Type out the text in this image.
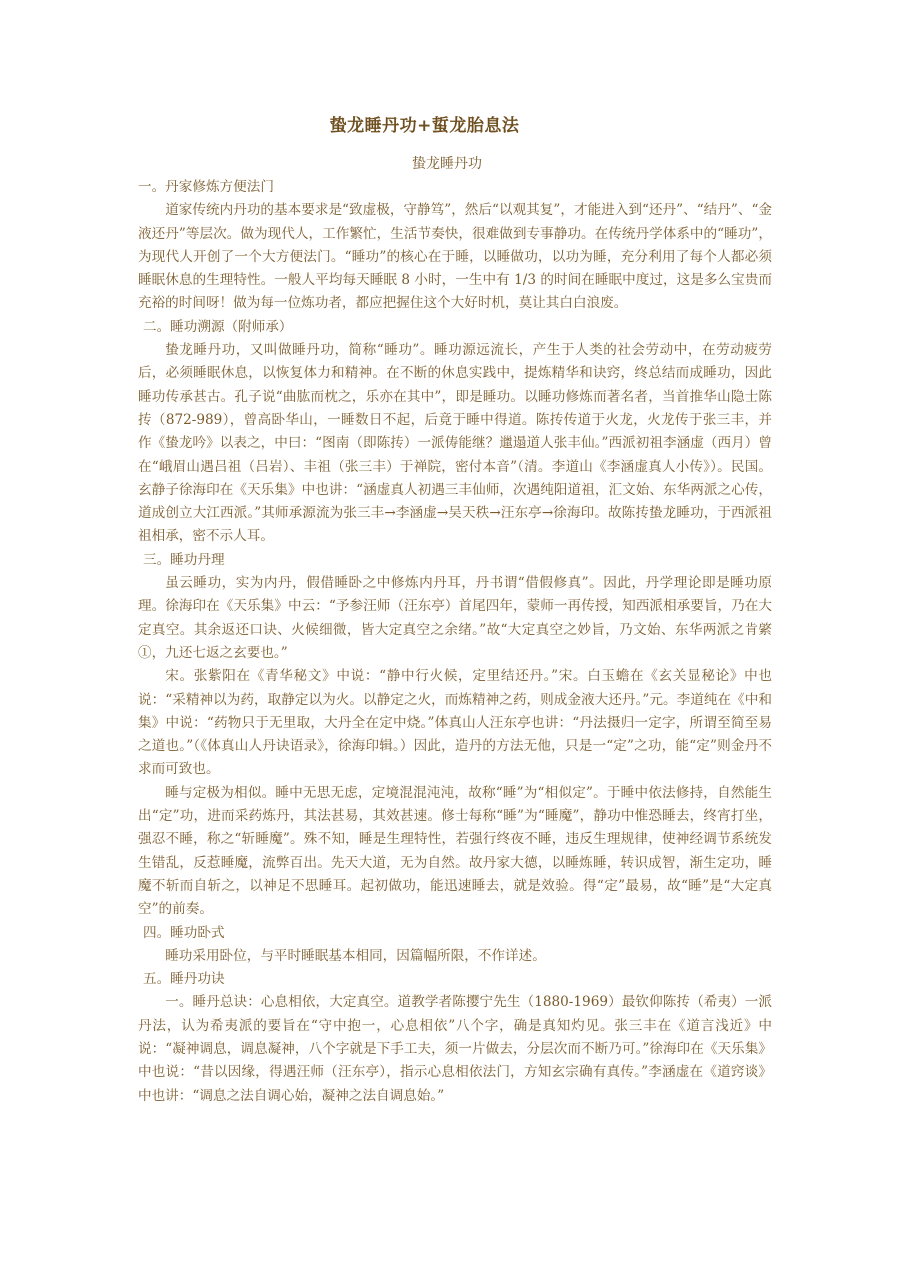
蛰龙睡丹功+蜇龙胎息法
蛰龙睡丹功
一。丹家修炼方便法门
道家传统内丹功的基本要求是“致虚极，守静笃”，然后“以观其复”，才能进入到“还丹”、“结丹”、“金液还丹”等层次。做为现代人，工作繁忙，生活节奏快，很难做到专事静功。在传统丹学体系中的“睡功”，为现代人开创了一个大方便法门。“睡功”的核心在于睡，以睡做功，以功为睡，充分利用了每个人都必须睡眠休息的生理特性。一般人平均每天睡眠 8 小时，一生中有 1/3 的时间在睡眠中度过，这是多么宝贵而充裕的时间呀！做为每一位炼功者，都应把握住这个大好时机，莫让其白白浪废。
二。睡功溯源（附师承）
蛰龙睡丹功，又叫做睡丹功，简称“睡功”。睡功源远流长，产生于人类的社会劳动中，在劳动疲劳后，必须睡眠休息，以恢复体力和精神。在不断的休息实践中，提炼精华和诀窍，终总结而成睡功，因此睡功传承甚古。孔子说“曲肱而枕之，乐亦在其中”，即是睡功。以睡功修炼而著名者，当首推华山隐士陈抟（872-989），曾高卧华山，一睡数日不起，后竟于睡中得道。陈抟传道于火龙，火龙传于张三丰，并作《蛰龙吟》以表之，中曰：“图南（即陈抟）一派俦能继？邋遢道人张丰仙。”西派初祖李涵虚（西月）曾在“峨眉山遇吕祖（吕岩）、丰祖（张三丰）于禅院，密付本音”（清。李道山《李涵虚真人小传》）。民国。玄静子徐海印在《天乐集》中也讲：“涵虚真人初遇三丰仙师，次遇纯阳道祖，汇文始、东华两派之心传，道成创立大江西派。”其师承源流为张三丰→李涵虚→吴天秩→汪东亭→徐海印。故陈抟蛰龙睡功，于西派祖祖相承，密不示人耳。
三。睡功丹理
虽云睡功，实为内丹，假借睡卧之中修炼内丹耳，丹书谓“借假修真”。因此，丹学理论即是睡功原理。徐海印在《天乐集》中云：“予参汪师（汪东亭）首尾四年，蒙师一再传授，知西派相承要旨，乃在大定真空。其余返还口诀、火候细微，皆大定真空之余绪。”故“大定真空之妙旨，乃文始、东华两派之肯綮①，九还七返之玄要也。”
宋。张紫阳在《青华秘文》中说：“静中行火候，定里结还丹。”宋。白玉蟾在《玄关显秘论》中也说：“采精神以为药，取静定以为火。以静定之火，而炼精神之药，则成金液大还丹。”元。李道纯在《中和集》中说：“药物只于无里取，大丹全在定中烧。”体真山人汪东亭也讲：“丹法摄归一定字，所谓至简至易之道也。”（《体真山人丹诀语录》，徐海印辑。）因此，造丹的方法无他，只是一“定”之功，能“定”则金丹不求而可致也。
睡与定极为相似。睡中无思无虑，定境混混沌沌，故称“睡”为“相似定”。于睡中依法修持，自然能生出“定”功，进而采药炼丹，其法甚易，其效甚速。修士每称“睡”为“睡魔”，静功中惟恐睡去，终宵打坐，强忍不睡，称之“斩睡魔”。殊不知，睡是生理特性，若强行终夜不睡，违反生理规律，使神经调节系统发生错乱，反惹睡魔，流弊百出。先天大道，无为自然。故丹家大德，以睡炼睡，转识成智，渐生定功，睡魔不斩而自斩之，以神足不思睡耳。起初做功，能迅速睡去，就是效验。得“定”最易，故“睡”是“大定真空”的前奏。
四。睡功卧式
睡功采用卧位，与平时睡眠基本相同，因篇幅所限，不作详述。
五。睡丹功诀
一。睡丹总诀：心息相依，大定真空。道教学者陈撄宁先生（1880-1969）最钦仰陈抟（希夷）一派丹法，认为希夷派的要旨在“守中抱一，心息相依”八个字，确是真知灼见。张三丰在《道言浅近》中说：“凝神调息，调息凝神，八个字就是下手工夫，须一片做去，分层次而不断乃可。”徐海印在《天乐集》中也说：“昔以因缘，得遇汪师（汪东亭），指示心息相依法门，方知玄宗确有真传。”李涵虚在《道窍谈》中也讲：“调息之法自调心始，凝神之法自调息始。”
